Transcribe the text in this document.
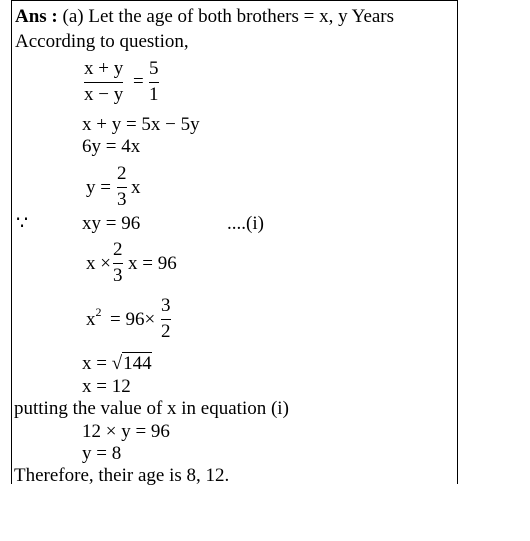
Ans : (a) Let the age of both brothers = x, y Years
According to question,
x + y
x − y
=
5
1
x + y = 5x − 5y
6y = 4x
y =
2
3
x
∵	xy = 96	....(i)
x ×
2
3
x = 96
$x^2 = 96\times$
3
2
x = √144
x = 12
putting the value of x in equation (i)
12 × y = 96
y = 8
Therefore, their age is 8, 12.
